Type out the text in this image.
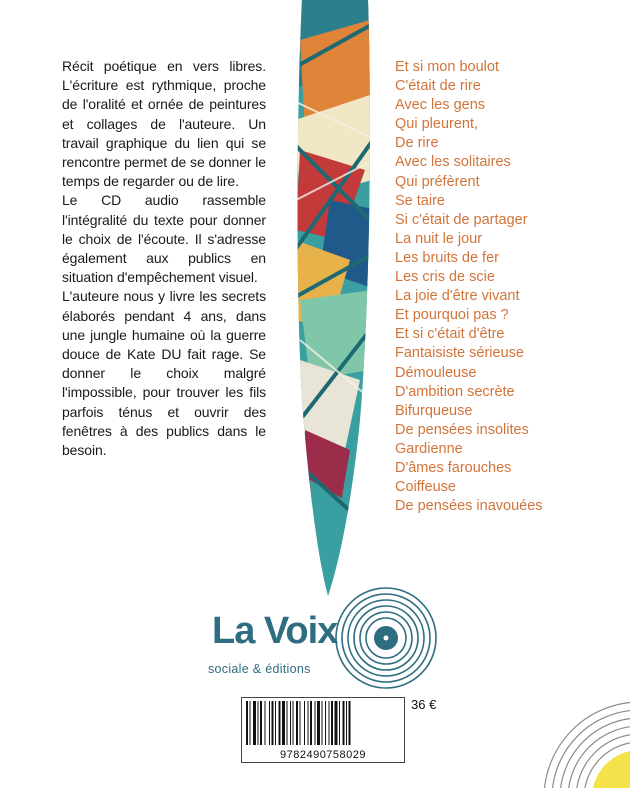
Récit poétique en vers libres. L'écriture est rythmique, proche de l'oralité et ornée de peintures et collages de l'auteure. Un travail graphique du lien qui se rencontre permet de se donner le temps de regarder ou de lire.

Le CD audio rassemble l'intégralité du texte pour donner le choix de l'écoute. Il s'adresse également aux publics en situation d'empêchement visuel.

L'auteure nous y livre les secrets élaborés pendant 4 ans, dans une jungle humaine où la guerre douce de Kate DU fait rage. Se donner le choix malgré l'impossible, pour trouver les fils parfois ténus et ouvrir des fenêtres à des publics dans le besoin.

Et si mon boulot
C'était de rire
Avec les gens
Qui pleurent,
De rire
Avec les solitaires
Qui préfèrent
Se taire
Si c'était de partager
La nuit le jour
Les bruits de fer
Les cris de scie
La joie d'être vivant
Et pourquoi pas ?
Et si c'était d'être
Fantaisiste sérieuse
Démouleuse
D'ambition secrète
Bifurqueuse
De pensées insolites
Gardienne
D'âmes farouches
Coiffeuse
De pensées inavouées
La Voix
sociale & éditions
9782490758029
36 €
